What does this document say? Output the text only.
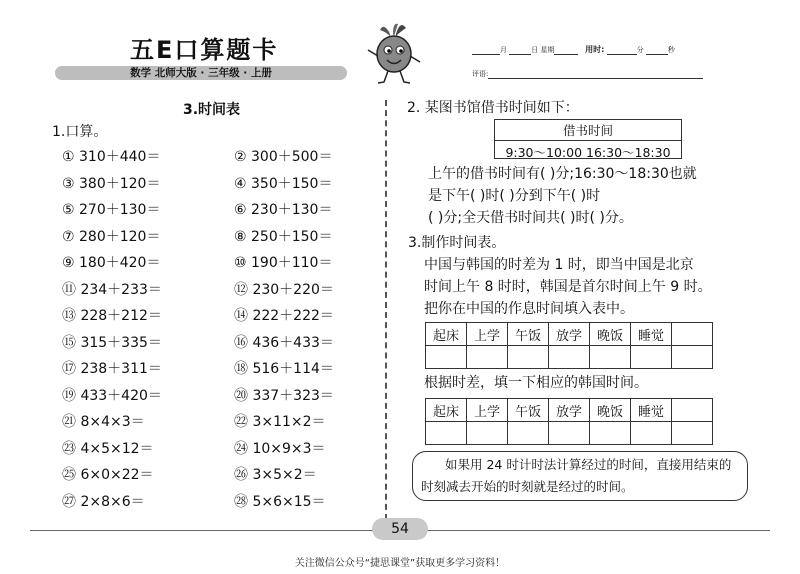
五E口算题卡
数学 北师大版 · 三年级 · 上册
月	日 星期	用时:	分	秒
评语:
3.时间表
1.口算。
① 310＋440＝	② 300＋500＝
③ 380＋120＝	④ 350＋150＝
⑤ 270＋130＝	⑥ 230＋130＝
⑦ 280＋120＝	⑧ 250＋150＝
⑨ 180＋420＝	⑩ 190＋110＝
⑪ 234＋233＝	⑫ 230＋220＝
⑬ 228＋212＝	⑭ 222＋222＝
⑮ 315＋335＝	⑯ 436＋433＝
⑰ 238＋311＝	⑱ 516＋114＝
⑲ 433＋420＝	⑳ 337＋323＝
㉑ 8×4×3＝	㉒ 3×11×2＝
㉓ 4×5×12＝	㉔ 10×9×3＝
㉕ 6×0×22＝	㉖ 3×5×2＝
㉗ 2×8×6＝	㉘ 5×6×15＝
2. 某图书馆借书时间如下：
借书时间
9:30～10:00 16:30～18:30
上午的借书时间有( )分;16:30～18:30也就
是下午( )时( )分到下午( )时
( )分;全天借书时间共( )时( )分。
3.制作时间表。
中国与韩国的时差为 1 时，即当中国是北京
时间上午 8 时时，韩国是首尔时间上午 9 时。
把你在中国的作息时间填入表中。
起床	上学	午饭	放学	晚饭	睡觉	

根据时差，填一下相应的韩国时间。
起床	上学	午饭	放学	晚饭	睡觉	

如果用 24 时计时法计算经过的时间，直接用结束的时刻减去开始的时刻就是经过的时间。
54
关注微信公众号“捷思课堂”获取更多学习资料！
